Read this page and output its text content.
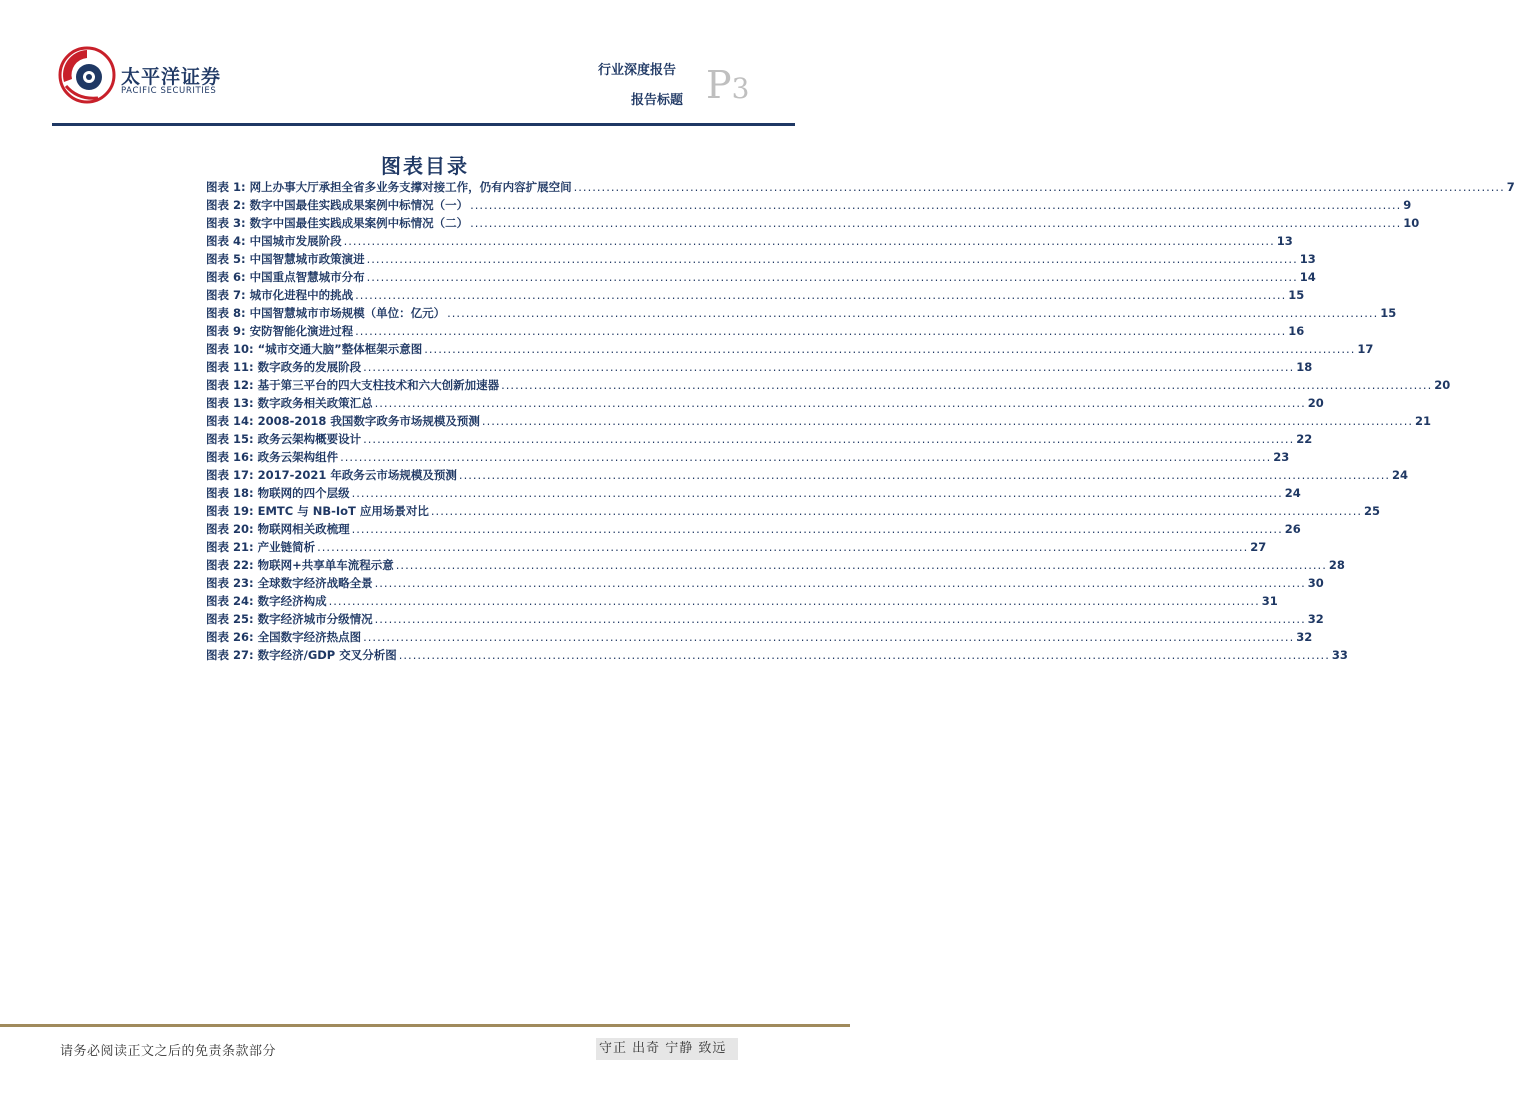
太平洋证券
PACIFIC SECURITIES
行业深度报告
报告标题 P3
图表目录
图表 1:
网上办事大厅承担全省多业务支撑对接工作，仍有内容扩展空间 .....	7
图表 2:
数字中国最佳实践成果案例中标情况（一） .....	9
图表 3:
数字中国最佳实践成果案例中标情况（二） .....	10
图表 4:
中国城市发展阶段 .....	13
图表 5:
中国智慧城市政策演进 .....	13
图表 6:
中国重点智慧城市分布 .....	14
图表 7:
城市化进程中的挑战 .....	15
图表 8:
中国智慧城市市场规模（单位：亿元） .....	15
图表 9:
安防智能化演进过程 .....	16
图表 10:
“城市交通大脑”整体框架示意图 .....	17
图表 11:
数字政务的发展阶段 .....	18
图表 12:
基于第三平台的四大支柱技术和六大创新加速器 .....	20
图表 13:
数字政务相关政策汇总 .....	20
图表 14:
2008-2018 我国数字政务市场规模及预测 .....	21
图表 15:
政务云架构概要设计 .....	22
图表 16:
政务云架构组件 .....	23
图表 17:
2017-2021 年政务云市场规模及预测 .....	24
图表 18:
物联网的四个层级 .....	24
图表 19:
EMTC 与 NB-IoT 应用场景对比 .....	25
图表 20:
物联网相关政梳理 .....	26
图表 21:
产业链简析 .....	27
图表 22:
物联网+共享单车流程示意 .....	28
图表 23:
全球数字经济战略全景 .....	30
图表 24:
数字经济构成 .....	31
图表 25:
数字经济城市分级情况 .....	32
图表 26:
全国数字经济热点图 .....	32
图表 27:
数字经济/GDP 交叉分析图 .....	33
请务必阅读正文之后的免责条款部分	守正 出奇 宁静 致远
